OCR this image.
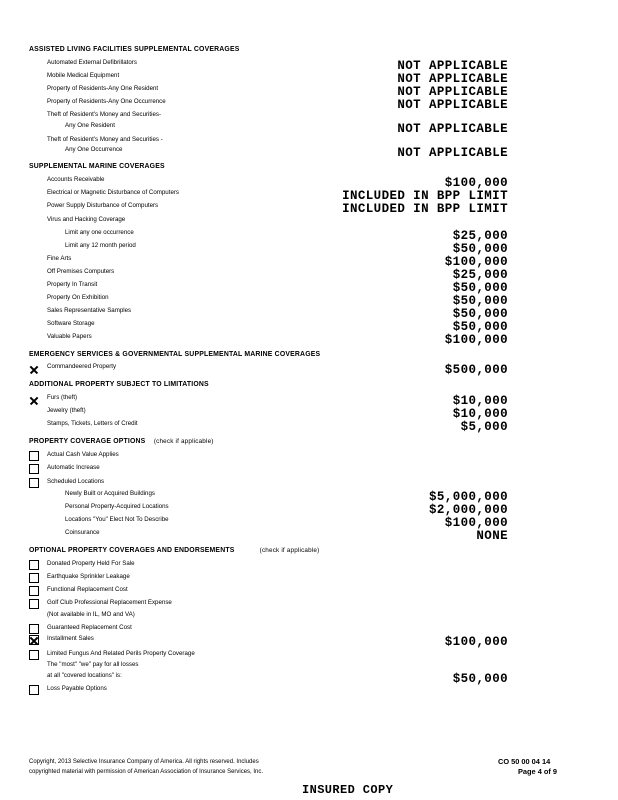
ASSISTED LIVING FACILITIES SUPPLEMENTAL COVERAGES
Automated External Defibrillators	NOT APPLICABLE
Mobile Medical Equipment	NOT APPLICABLE
Property of Residents-Any One Resident	NOT APPLICABLE
Property of Residents-Any One Occurrence	NOT APPLICABLE
Theft of Resident's Money and Securities-
Any One Resident	NOT APPLICABLE
Theft of Resident's Money and Securities -
Any One Occurrence	NOT APPLICABLE
SUPPLEMENTAL MARINE COVERAGES
Accounts Receivable	$100,000
Electrical or Magnetic Disturbance of Computers	INCLUDED IN BPP LIMIT
Power Supply Disturbance of Computers	INCLUDED IN BPP LIMIT
Virus and Hacking Coverage
Limit any one occurrence	$25,000
Limit any 12 month period	$50,000
Fine Arts	$100,000
Off Premises Computers	$25,000
Property In Transit	$50,000
Property On Exhibition	$50,000
Sales Representative Samples	$50,000
Software Storage	$50,000
Valuable Papers	$100,000
EMERGENCY SERVICES & GOVERNMENTAL SUPPLEMENTAL MARINE COVERAGES
Commandeered Property	$500,000
ADDITIONAL PROPERTY SUBJECT TO LIMITATIONS
Furs (theft)	$10,000
Jewelry (theft)	$10,000
Stamps, Tickets, Letters of Credit	$5,000
PROPERTY COVERAGE OPTIONS (check if applicable)
Actual Cash Value Applies
Automatic Increase
Scheduled Locations
Newly Built or Acquired Buildings	$5,000,000
Personal Property-Acquired Locations	$2,000,000
Locations "You" Elect Not To Describe	$100,000
Coinsurance	NONE
OPTIONAL PROPERTY COVERAGES AND ENDORSEMENTS	(check if applicable)
Donated Property Held For Sale
Earthquake Sprinkler Leakage
Functional Replacement Cost
Golf Club Professional Replacement Expense
(Not available in IL, MO and VA)
Guaranteed Replacement Cost
Installment Sales	$100,000
Limited Fungus And Related Perils Property Coverage
The "most" "we" pay for all losses
at all "covered locations" is:	$50,000
Loss Payable Options
Copyright, 2013 Selective Insurance Company of America. All rights reserved. Includes
copyrighted material with permission of American Association of Insurance Services, Inc.
CO 50 00 04 14
Page 4 of 9
INSURED COPY
